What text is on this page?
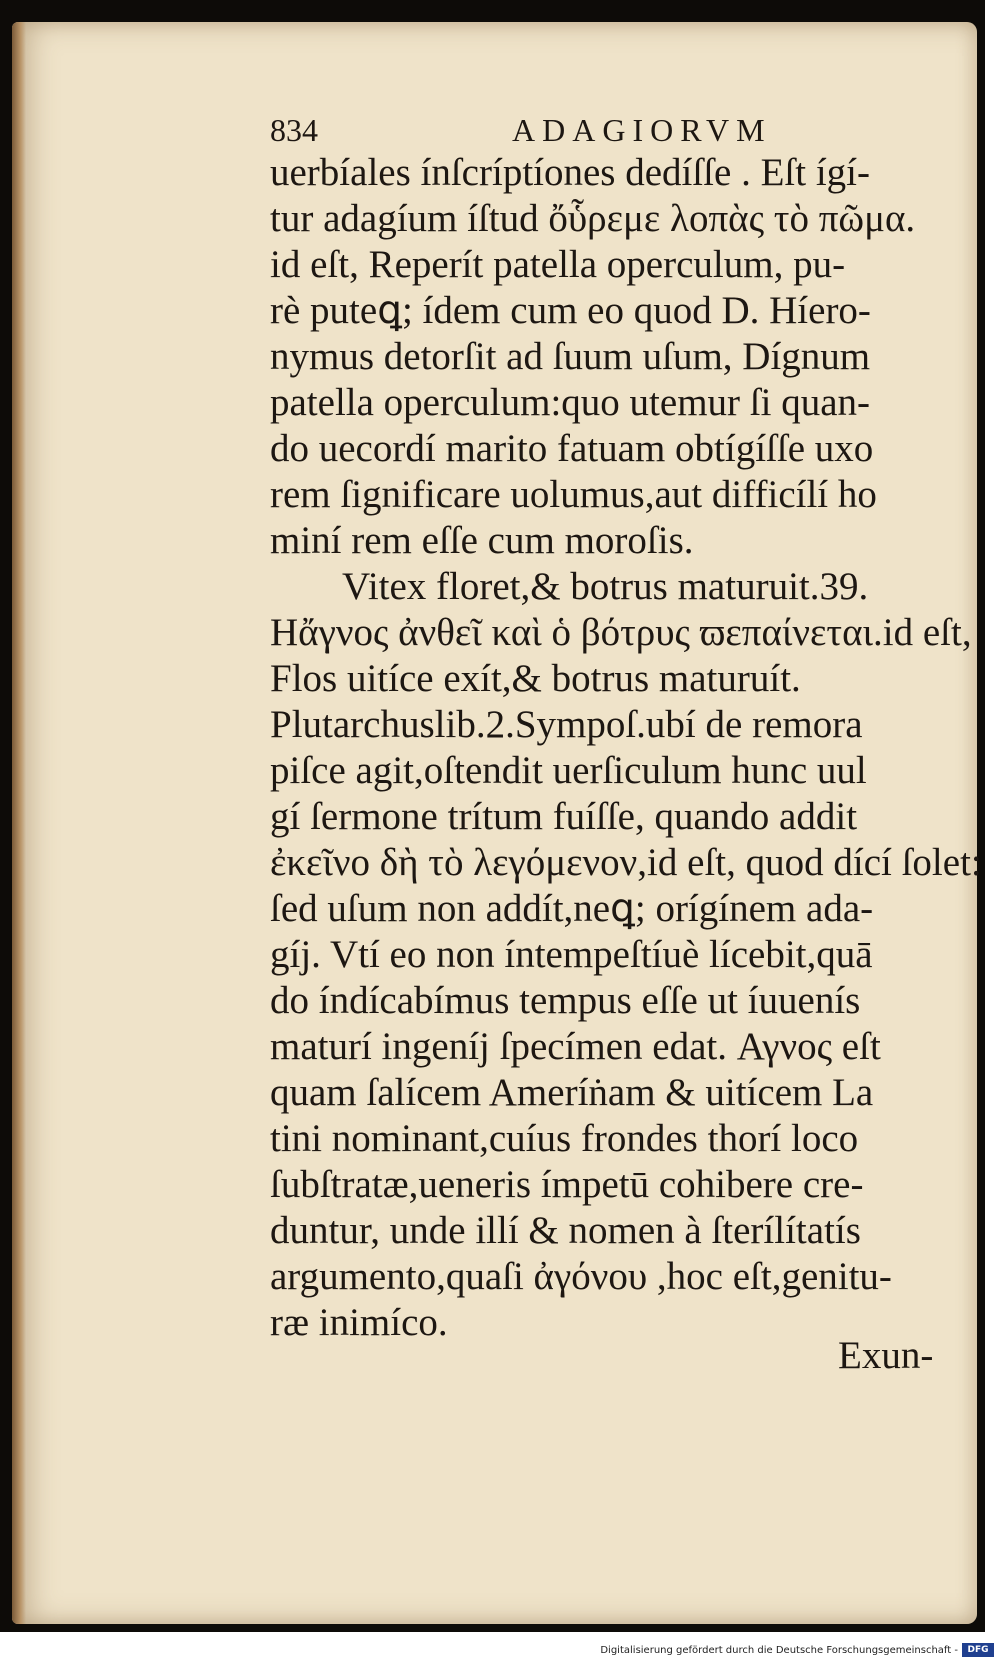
834	ADAGIORVM
uerbíales ínſcríptíones dedíſſe . Eſt ígí-
tur adagíum íſtud ὄὗρεμε λοπὰς τὸ πῶμα.
id eſt, Reperít patella operculum, pu-
rè puteꝗ; ídem cum eo quod D. Híero-
nymus detorſit ad ſuum uſum, Dígnum
patella operculum:quo utemur ſi quan-
do uecordí marito fatuam obtígíſſe uxo
rem ſignificare uolumus,aut difficílí ho
miní rem eſſe cum moroſis.
Vitex floret,& botrus maturuit.39.
Ηἄγνος ἀνθεῖ καὶ ὁ βότρυς ϖεπαίνεται.id eſt,
Flos uitíce exít,& botrus maturuít.
Plutarchuslib.2.Sympoſ.ubí de remora
piſce agit,oſtendit uerſiculum hunc uul
gí ſermone trítum fuíſſe, quando addit
ἐκεῖνο δὴ τὸ λεγόμενον,id eſt, quod dící ſolet:
ſed uſum non addít,neꝗ; orígínem ada-
gíj. Vtí eo non íntempeſtíuè lícebit,quā
do índícabímus tempus eſſe ut íuuenís
maturí ingeníj ſpecímen edat. Αγνος eſt
quam ſalícem Ameríṅam & uitícem La
tini nominant,cuíus frondes thorí loco
ſubſtratæ,ueneris ímpetū cohibere cre-
duntur, unde illí & nomen à ſterílítatís
argumento,quaſi ἀγόνου ,hoc eſt,genitu-
ræ inimíco.
Exun-
Digitalisierung gefördert durch die Deutsche Forschungsgemeinschaft -	DFG
